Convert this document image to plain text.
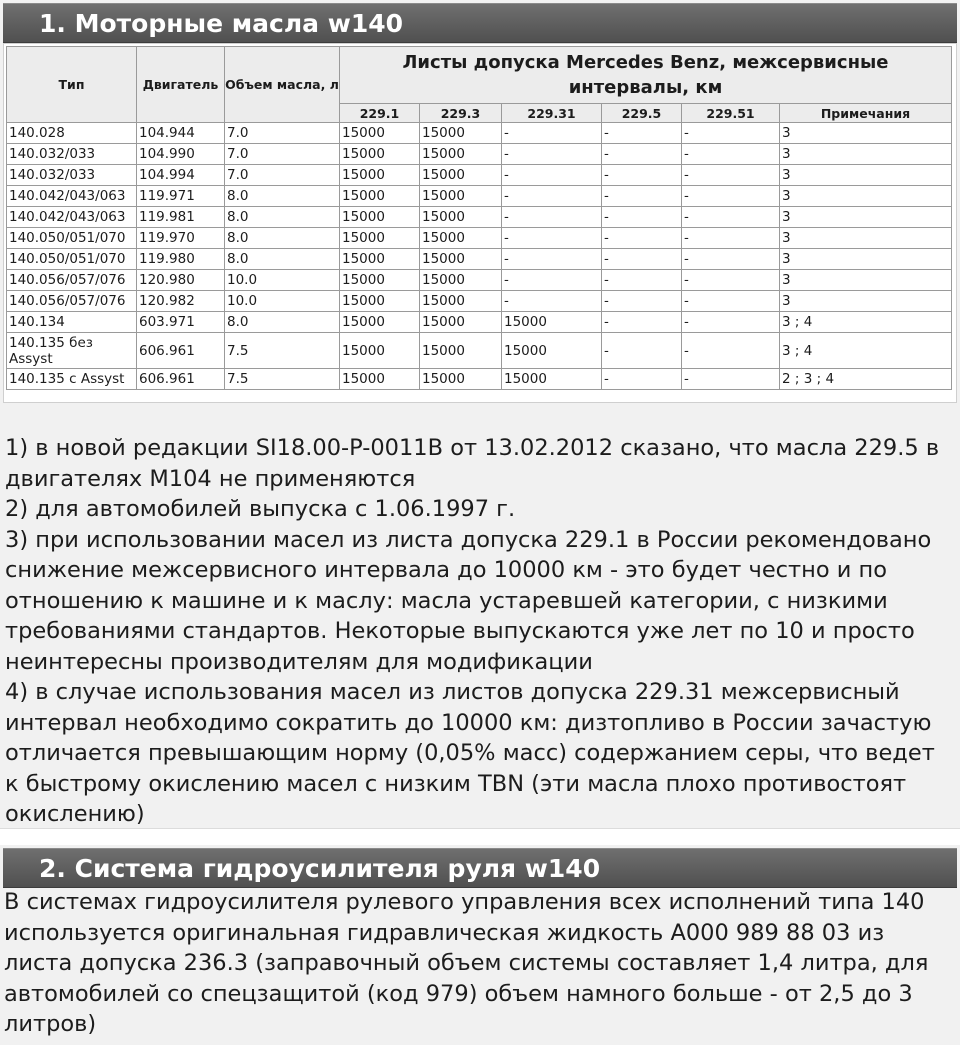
1. Моторные масла w140
Тип	Двигатель	Объем масла, л	Листы допуска Mercedes Benz, межсервисные интервалы, км					
			229.1	229.3	229.31	229.5	229.51	Примечания
140.028	104.944	7.0	15000	15000	-	-	-	3
140.032/033	104.990	7.0	15000	15000	-	-	-	3
140.032/033	104.994	7.0	15000	15000	-	-	-	3
140.042/043/063	119.971	8.0	15000	15000	-	-	-	3
140.042/043/063	119.981	8.0	15000	15000	-	-	-	3
140.050/051/070	119.970	8.0	15000	15000	-	-	-	3
140.050/051/070	119.980	8.0	15000	15000	-	-	-	3
140.056/057/076	120.980	10.0	15000	15000	-	-	-	3
140.056/057/076	120.982	10.0	15000	15000	-	-	-	3
140.134	603.971	8.0	15000	15000	15000	-	-	3 ; 4
140.135 без Assyst	606.961	7.5	15000	15000	15000	-	-	3 ; 4
140.135 с Assyst	606.961	7.5	15000	15000	15000	-	-	2 ; 3 ; 4

1) в новой редакции SI18.00-P-0011B от 13.02.2012 сказано, что масла 229.5 в двигателях M104 не применяются

2) для автомобилей выпуска с 1.06.1997 г.

3) при использовании масел из листа допуска 229.1 в России рекомендовано снижение межсервисного интервала до 10000 км - это будет честно и по отношению к машине и к маслу: масла устаревшей категории, с низкими требованиями стандартов. Некоторые выпускаются уже лет по 10 и просто неинтересны производителям для модификации

4) в случае использования масел из листов допуска 229.31 межсервисный интервал необходимо сократить до 10000 км: дизтопливо в России зачастую отличается превышающим норму (0,05% масс) содержанием серы, что ведет к быстрому окислению масел с низким TBN (эти масла плохо противостоят окислению)

2. Система гидроусилителя руля w140

В системах гидроусилителя рулевого управления всех исполнений типа 140 используется оригинальная гидравлическая жидкость A000 989 88 03 из листа допуска 236.3 (заправочный объем системы составляет 1,4 литра, для автомобилей со спецзащитой (код 979) объем намного больше - от 2,5 до 3 литров)
